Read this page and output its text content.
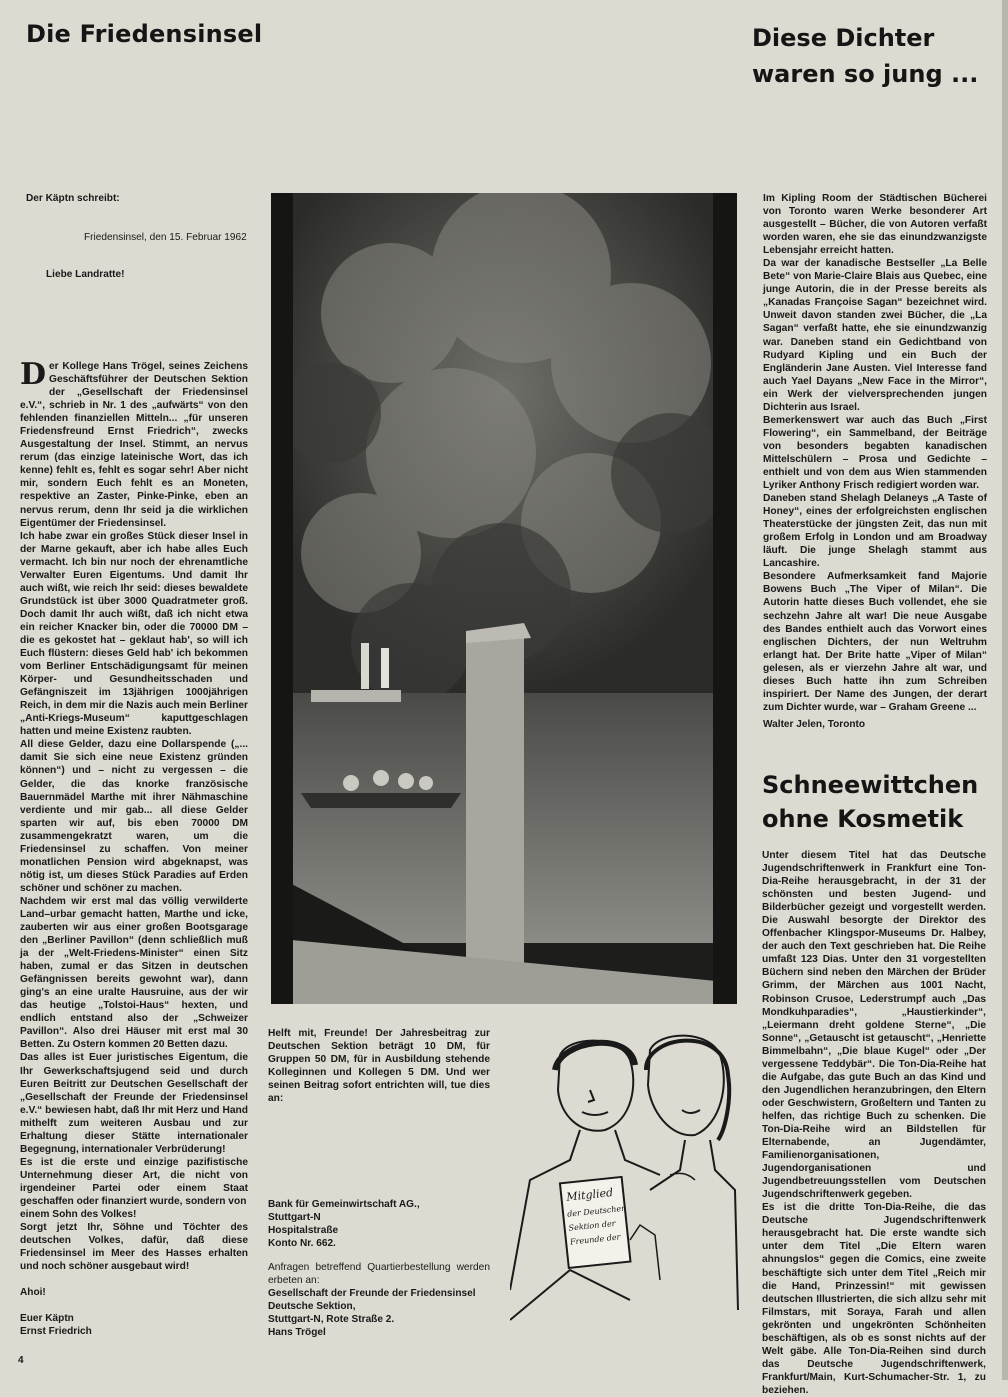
Die Friedensinsel	Diese Dichter
waren so jung ...
Der Käptn schreibt:
Friedensinsel, den 15. Februar 1962
Liebe Landratte!
D er Kollege Hans Trögel, seines Zeichens Geschäftsführer der Deutschen Sektion der „Gesellschaft der Friedensinsel e.V.“, schrieb in Nr. 1 des „aufwärts“ von den fehlenden finanziellen Mitteln... „für unseren Friedensfreund Ernst Friedrich“, zwecks Ausgestaltung der Insel. Stimmt, an nervus rerum (das einzige lateinische Wort, das ich kenne) fehlt es, fehlt es sogar sehr! Aber nicht mir, sondern Euch fehlt es an Moneten, respektive an Zaster, Pinke-Pinke, eben an nervus rerum, denn Ihr seid ja die wirklichen Eigentümer der Friedensinsel.

Ich habe zwar ein großes Stück dieser Insel in der Marne gekauft, aber ich habe alles Euch vermacht. Ich bin nur noch der ehrenamtliche Verwalter Euren Eigentums. Und damit Ihr auch wißt, wie reich Ihr seid: dieses bewaldete Grundstück ist über 3000 Quadratmeter groß. Doch damit Ihr auch wißt, daß ich nicht etwa ein reicher Knacker bin, oder die 70000 DM – die es gekostet hat – geklaut hab', so will ich Euch flüstern: dieses Geld hab' ich bekommen vom Berliner Entschädigungsamt für meinen Körper- und Gesundheitsschaden und Gefängniszeit im 13jährigen 1000jährigen Reich, in dem mir die Nazis auch mein Berliner „Anti-Kriegs-Museum“ kaputtgeschlagen hatten und meine Existenz raubten.

All diese Gelder, dazu eine Dollarspende („... damit Sie sich eine neue Existenz gründen können“) und – nicht zu vergessen – die Gelder, die das knorke französische Bauernmädel Marthe mit ihrer Nähmaschine verdiente und mir gab... all diese Gelder sparten wir auf, bis eben 70000 DM zusammengekratzt waren, um die Friedensinsel zu schaffen. Von meiner monatlichen Pension wird abgeknapst, was nötig ist, um dieses Stück Paradies auf Erden schöner und schöner zu machen.

Nachdem wir erst mal das völlig verwilderte Land–urbar gemacht hatten, Marthe und icke, zauberten wir aus einer großen Bootsgarage den „Berliner Pavillon“ (denn schließlich muß ja der „Welt-Friedens-Minister“ einen Sitz haben, zumal er das Sitzen in deutschen Gefängnissen bereits gewohnt war), dann ging's an eine uralte Hausruine, aus der wir das heutige „Tolstoi-Haus“ hexten, und endlich entstand also der „Schweizer Pavillon“. Also drei Häuser mit erst mal 30 Betten. Zu Ostern kommen 20 Betten dazu.

Das alles ist Euer juristisches Eigentum, die Ihr Gewerkschaftsjugend seid und durch Euren Beitritt zur Deutschen Gesellschaft der „Gesellschaft der Freunde der Friedensinsel e.V.“ bewiesen habt, daß Ihr mit Herz und Hand mithelft zum weiteren Ausbau und zur Erhaltung dieser Stätte internationaler Begegnung, internationaler Verbrüderung!

Es ist die erste und einzige pazifistische Unternehmung dieser Art, die nicht von irgendeiner Partei oder einem Staat geschaffen oder finanziert wurde, sondern von

einem Sohn des Volkes!

Sorgt jetzt Ihr, Söhne und Töchter des deutschen Volkes, dafür, daß diese Friedensinsel im Meer des Hasses erhalten und noch schöner ausgebaut wird!

Ahoi!
Euer Käptn
Ernst Friedrich
Helft mit, Freunde! Der Jahresbeitrag zur Deutschen Sektion beträgt 10 DM, für Gruppen 50 DM, für in Ausbildung stehende Kolleginnen und Kollegen 5 DM. Und wer seinen Beitrag sofort entrichten will, tue dies an:
Bank für Gemeinwirtschaft AG.,
Stuttgart-N
Hospitalstraße
Konto Nr. 662.
Anfragen betreffend Quartierbestellung werden erbeten an:
Gesellschaft der Freunde der Friedensinsel
Deutsche Sektion,
Stuttgart-N, Rote Straße 2.
Hans Trögel
Mitglied
der Deutschen
Sektion der
Freunde der

Im Kipling Room der Städtischen Bücherei von Toronto waren Werke besonderer Art ausgestellt – Bücher, die von Autoren verfaßt worden waren, ehe sie das einundzwanzigste Lebensjahr erreicht hatten.

Da war der kanadische Bestseller „La Belle Bete“ von Marie-Claire Blais aus Quebec, eine junge Autorin, die in der Presse bereits als „Kanadas Françoise Sagan“ bezeichnet wird. Unweit davon standen zwei Bücher, die „La Sagan“ verfaßt hatte, ehe sie einundzwanzig war. Daneben stand ein Gedichtband von Rudyard Kipling und ein Buch der Engländerin Jane Austen. Viel Interesse fand auch Yael Dayans „New Face in the Mirror“, ein Werk der vielversprechenden jungen Dichterin aus Israel.

Bemerkenswert war auch das Buch „First Flowering“, ein Sammelband, der Beiträge von besonders begabten kanadischen Mittelschülern – Prosa und Gedichte – enthielt und von dem aus Wien stammenden Lyriker Anthony Frisch redigiert worden war.

Daneben stand Shelagh Delaneys „A Taste of Honey“, eines der erfolgreichsten englischen Theaterstücke der jüngsten Zeit, das nun mit großem Erfolg in London und am Broadway läuft. Die junge Shelagh stammt aus Lancashire.

Besondere Aufmerksamkeit fand Majorie Bowens Buch „The Viper of Milan“. Die Autorin hatte dieses Buch vollendet, ehe sie sechzehn Jahre alt war! Die neue Ausgabe des Bandes enthielt auch das Vorwort eines englischen Dichters, der nun Weltruhm erlangt hat. Der Brite hatte „Viper of Milan“ gelesen, als er vierzehn Jahre alt war, und dieses Buch hatte ihn zum Schreiben inspiriert. Der Name des Jungen, der derart zum Dichter wurde, war – Graham Greene ...

Walter Jelen, Toronto
Schneewittchen
ohne Kosmetik

Unter diesem Titel hat das Deutsche Jugendschriftenwerk in Frankfurt eine Ton-Dia-Reihe herausgebracht, in der 31 der schönsten und besten Jugend- und Bilderbücher gezeigt und vorgestellt werden. Die Auswahl besorgte der Direktor des Offenbacher Klingspor-Museums Dr. Halbey, der auch den Text geschrieben hat. Die Reihe umfaßt 123 Dias. Unter den 31 vorgestellten Büchern sind neben den Märchen der Brüder Grimm, der Märchen aus 1001 Nacht, Robinson Crusoe, Lederstrumpf auch „Das Mondkuhparadies“, „Haustierkinder“, „Leiermann dreht goldene Sterne“, „Die Sonne“, „Getauscht ist getauscht“, „Henriette Bimmelbahn“, „Die blaue Kugel“ oder „Der vergessene Teddybär“. Die Ton-Dia-Reihe hat die Aufgabe, das gute Buch an das Kind und den Jugendlichen heranzubringen, den Eltern oder Geschwistern, Großeltern und Tanten zu helfen, das richtige Buch zu schenken. Die Ton-Dia-Reihe wird an Bildstellen für Elternabende, an Jugendämter, Familienorganisationen, Jugendorganisationen und Jugendbetreuungsstellen vom Deutschen Jugendschriftenwerk gegeben.

Es ist die dritte Ton-Dia-Reihe, die das Deutsche Jugendschriftenwerk herausgebracht hat. Die erste wandte sich unter dem Titel „Die Eltern waren ahnungslos“ gegen die Comics, eine zweite beschäftigte sich unter dem Titel „Reich mir die Hand, Prinzessin!“ mit gewissen deutschen Illustrierten, die sich allzu sehr mit Filmstars, mit Soraya, Farah und allen gekrönten und ungekrönten Schönheiten beschäftigen, als ob es sonst nichts auf der Welt gäbe. Alle Ton-Dia-Reihen sind durch das Deutsche Jugendschriftenwerk, Frankfurt/Main, Kurt-Schumacher-Str. 1, zu beziehen.

4
